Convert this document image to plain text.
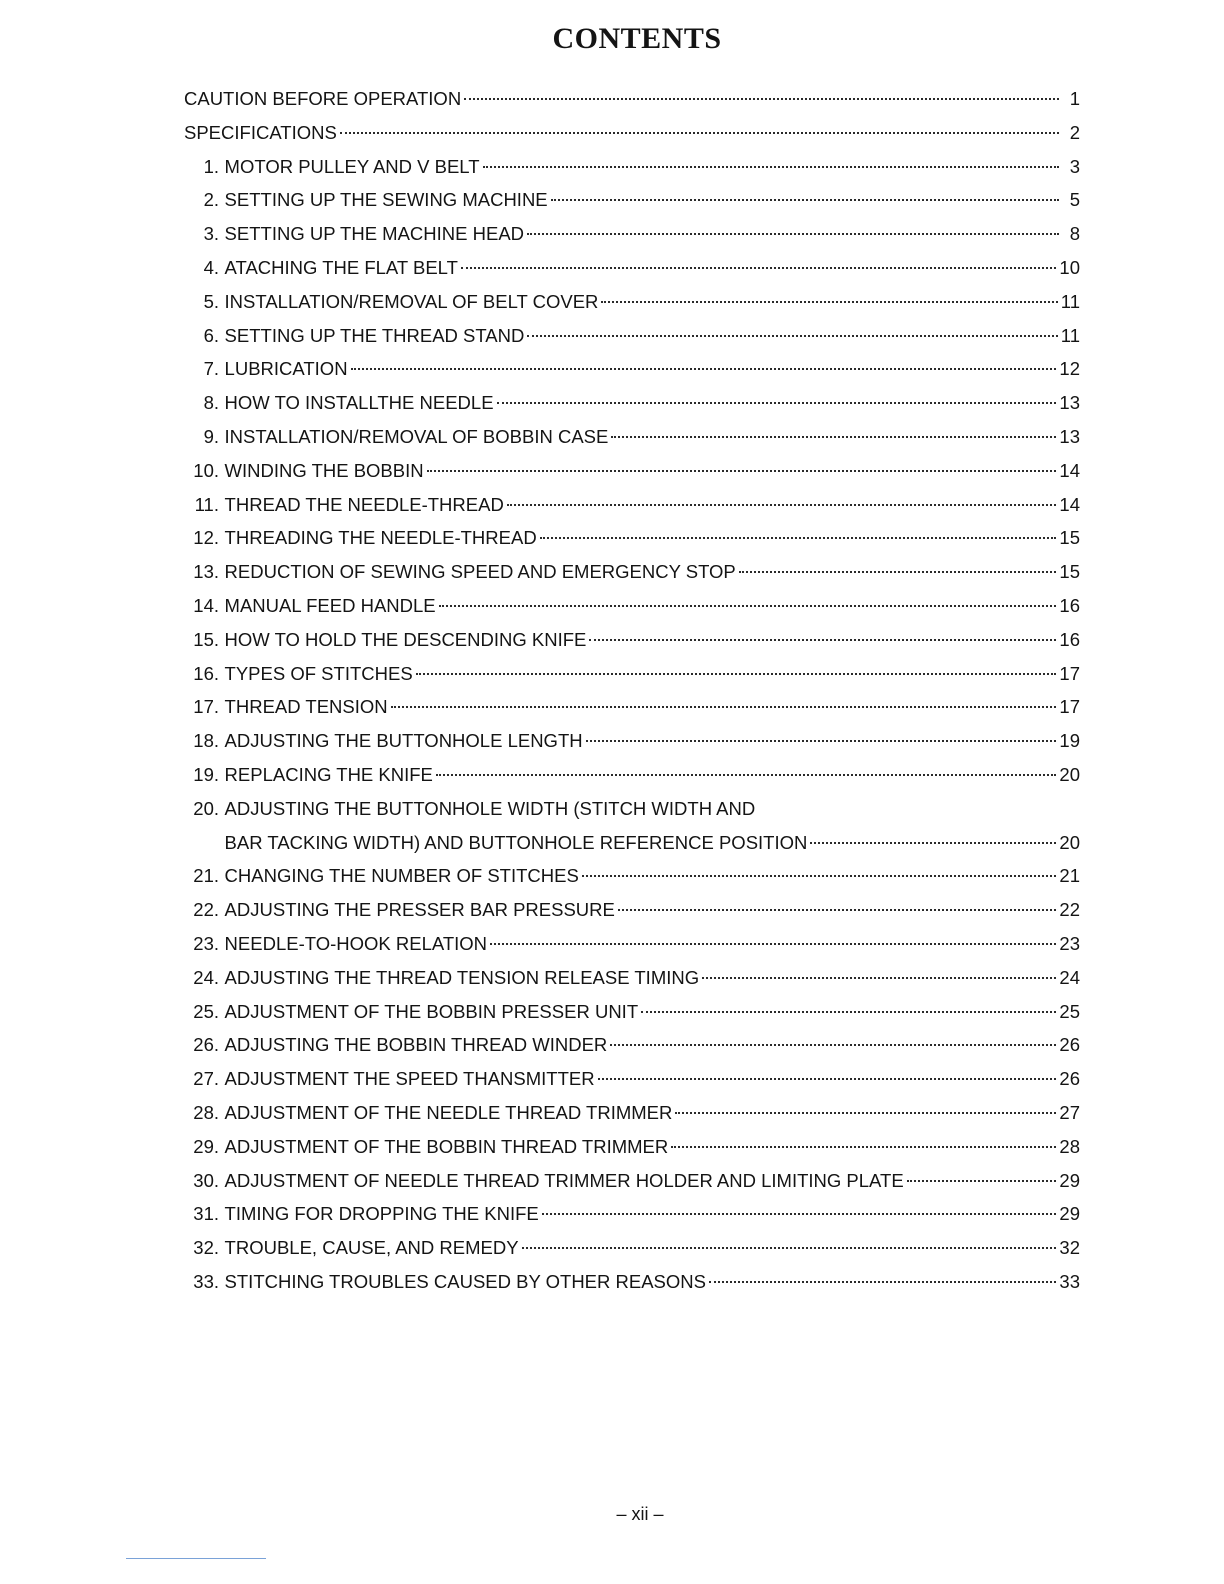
CONTENTS
CAUTION BEFORE OPERATION	1
SPECIFICATIONS	2
1. MOTOR PULLEY AND V BELT	3
2. SETTING UP THE SEWING MACHINE	5
3. SETTING UP THE MACHINE HEAD	8
4. ATACHING THE FLAT BELT	10
5. INSTALLATION/REMOVAL OF BELT COVER	11
6. SETTING UP THE THREAD STAND	11
7. LUBRICATION	12
8. HOW TO INSTALLTHE NEEDLE	13
9. INSTALLATION/REMOVAL OF BOBBIN CASE	13
10. WINDING THE BOBBIN	14
11. THREAD THE NEEDLE-THREAD	14
12. THREADING THE NEEDLE-THREAD	15
13. REDUCTION OF SEWING SPEED AND EMERGENCY STOP	15
14. MANUAL FEED HANDLE	16
15. HOW TO HOLD THE DESCENDING KNIFE	16
16. TYPES OF STITCHES	17
17. THREAD TENSION	17
18. ADJUSTING THE BUTTONHOLE LENGTH	19
19. REPLACING THE KNIFE	20
20. ADJUSTING THE BUTTONHOLE WIDTH (STITCH WIDTH AND
BAR TACKING WIDTH) AND BUTTONHOLE REFERENCE POSITION	20
21. CHANGING THE NUMBER OF STITCHES	21
22. ADJUSTING THE PRESSER BAR PRESSURE	22
23. NEEDLE-TO-HOOK RELATION	23
24. ADJUSTING THE THREAD TENSION RELEASE TIMING	24
25. ADJUSTMENT OF THE BOBBIN PRESSER UNIT	25
26. ADJUSTING THE BOBBIN THREAD WINDER	26
27. ADJUSTMENT THE SPEED THANSMITTER	26
28. ADJUSTMENT OF THE NEEDLE THREAD TRIMMER	27
29. ADJUSTMENT OF THE BOBBIN THREAD TRIMMER	28
30. ADJUSTMENT OF NEEDLE THREAD TRIMMER HOLDER AND LIMITING PLATE	29
31. TIMING FOR DROPPING THE KNIFE	29
32. TROUBLE, CAUSE, AND REMEDY	32
33. STITCHING TROUBLES CAUSED BY OTHER REASONS	33
– xii –
